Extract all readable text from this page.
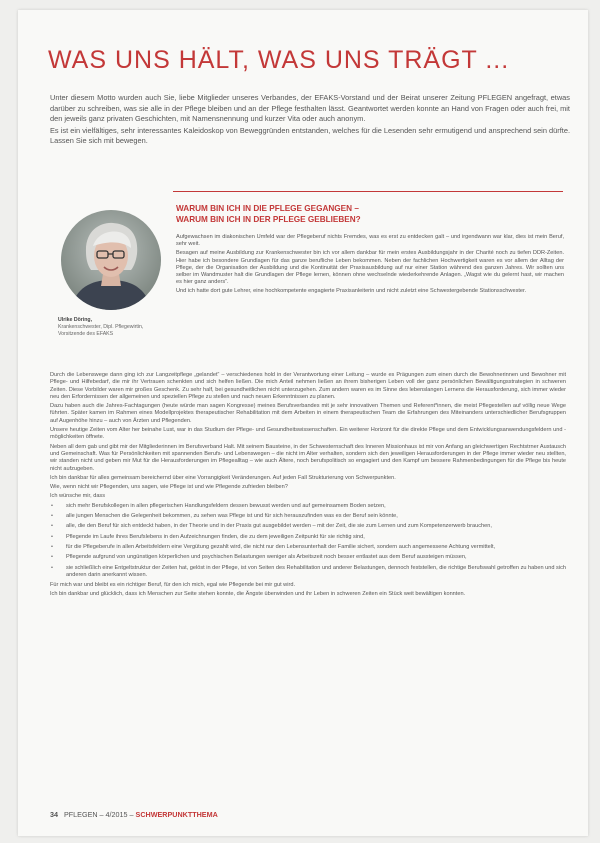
WAS UNS HÄLT, WAS UNS TRÄGT ...

Unter diesem Motto wurden auch Sie, liebe Mitglieder unseres Verbandes, der EFAKS-Vorstand und der Beirat unserer Zeitung PFLEGEN angefragt, etwas darüber zu schreiben, was sie alle in der Pflege bleiben und an der Pflege festhalten lässt. Geantwortet werden konnte an Hand von Fragen oder auch frei, mit den jeweils ganz privaten Geschichten, mit Namensnennung und kurzer Vita oder auch anonym.

Es ist ein vielfältiges, sehr interessantes Kaleidoskop von Beweggründen entstanden, welches für die Lesenden sehr ermutigend und ansprechend sein dürfte. Lassen Sie sich mit bewegen.

WARUM BIN ICH IN DIE PFLEGE GEGANGEN –
WARUM BIN ICH IN DER PFLEGE GEBLIEBEN?
Ulrike Döring,
Krankenschwester, Dipl. Pflegewirtin, Vorsitzende des EFAKS

Aufgewachsen im diakonischen Umfeld war der Pflegeberuf nichts Fremdes, was es erst zu entdecken galt – und irgendwann war klar, dies ist mein Beruf, sehr weit.

Besagen auf meine Ausbildung zur Krankenschwester bin ich vor allem dankbar für mein erstes Ausbildungsjahr in der Charité noch zu tiefen DDR-Zeiten. Hier habe ich besondere Grundlagen für das ganze berufliche Leben bekommen. Neben der fachlichen Hochwertigkeit waren es vor allem der Alltag der Pflege, der die Organisation der Ausbildung und die Kontinuität der Praxisausbildung auf nur einer Station während des ganzen Jahres. Wir sollten uns selber im Wandmuster halt die Grundlagen der Pflege lernen, können ohne wechselnde wiederkehrende Anlagen. „Wagst wie du gelernt hast, wir machen es hier ganz anders“.

Und ich hatte dort gute Lehrer, eine hochkompetente engagierte Praxisanleiterin und nicht zuletzt eine Schwestergebende Stationsschwester.

Durch die Lebenswege dann ging ich zur Langzeitpflege „gelandet“ – verschiedenes hold in der Verantwortung einer Leitung – wurde es Prägungen zum einen durch die Bewohnerinnen und Bewohner mit Pflege- und Hilfebedarf, die mir ihr Vertrauen schenkten und sich helfen ließen. Die mich Anteil nehmen ließen an ihrem bisherigen Leben voll der ganz persönlichen Bewältigungsstrategien in schweren Zeiten. Diese Vorbilder waren mir großes Geschenk. Zu sehr half, bei gesundheitlichen nicht unterzugehen. Zum andern waren es im Sinne des lebenslangen Lernens die Herausforderung, sich immer wieder neu den Erfordernissen der allgemeinen und speziellen Pflege zu stellen und nach neuen Erkenntnissen zu planen.

Dazu haben auch die Jahres-Fachtagungen (heute würde man sagen Kongresse) meines Berufsverbandes mit je sehr innovativen Themen und Referent*innen, die meist Pflegestellen auf völlig neue Wege führten. Später kamen im Rahmen eines Modellprojektes therapeutischer Rehabilitation mit dem Arbeiten in einem therapeutischen Team die Erfahrungen des Miteinanders unterschiedlicher Berufsgruppen auf Augenhöhe hinzu – auch von Ärzten und Pflegenden.

Unsere heutige Zeiten vom Alter her beinahe Lust, war in das Studium der Pflege- und Gesundheitswissenschaften. Ein weiterer Horizont für die direkte Pflege und dem Entwicklungsanwendungsfeldern und -möglichkeiten öffnete.

Neben all dem gab und gibt mir der Mitgliederinnen im Berufsverband Halt. Mit seinem Bausteine, in der Schwesternschaft des Inneren Missionhaus ist mir von Anfang an gleichwertigen Rechtstrner Austausch und Gemeinschaft. Was für Persönlichkeiten mit spannenden Berufs- und Lebenswegen – die nicht im Alter verhalten, sondern sich den jeweiligen Herausforderungen in der Pflege immer wieder neu stellten, wir standen nicht und geben mir Mut für die Herausforderungen im Pflegealltag – wie auch Ältere, noch berufspolitisch so engagiert und den Kampf um bessere Rahmenbedingungen für die Pflege bis heute nicht aufzugeben.

Ich bin dankbar für alles gemeinsam bereichernd über eine Vorrangigkeit Veränderungen. Auf jeden Fall Strukturierung von Schwerpunkten.

Wie, wenn nicht wir Pflegenden, uns sagen, wie Pflege ist und wie Pflegende zufrieden bleiben?

Ich wünsche mir, dass

• sich mehr Berufskollegen in allen pflegerischen Handlungsfeldern dessen bewusst werden und auf gemeinsamem Boden setzen,
• alle jungen Menschen die Gelegenheit bekommen, zu sehen was Pflege ist und für sich herauszufinden was es der Beruf sein könnte,
• alle, die den Beruf für sich entdeckt haben, in der Theorie und in der Praxis gut ausgebildet werden – mit der Zeit, die sie zum Lernen und zum Kompetenzerwerb brauchen,
• Pflegende im Laufe ihres Berufslebens in den Aufzeichnungen finden, die zu dem jeweiligen Zeitpunkt für sie richtig sind,
• für die Pflegeberufe in allen Arbeitsfeldern eine Vergütung gezahlt wird, die nicht nur den Lebensunterhalt der Familie sichert, sondern auch angemessene Achtung vermittelt,
• Pflegende aufgrund von ungünstigen körperlichen und psychischen Belastungen weniger als Arbeitszeit noch besser entlastet aus dem Beruf aussteigen müssen,
• sie schließlich eine Entgeltstruktur der Zeiten hat, gelöst in der Pflege, ist von Seiten des Rehabilitation und anderer Belastungen, dennoch feststellen, die richtige Berufswahl getroffen zu haben und sich anderen darin anerkannt wissen.

Für mich war und bleibt es ein richtiger Beruf, für den ich mich, egal wie Pflegende bei mir gut wird.

Ich bin dankbar und glücklich, dass ich Menschen zur Seite stehen konnte, die Ängste überwinden und ihr Leben in schweren Zeiten ein Stück weit bewältigen konnten.

34 PFLEGEN – 4/2015 – SCHWERPUNKTTHEMA
